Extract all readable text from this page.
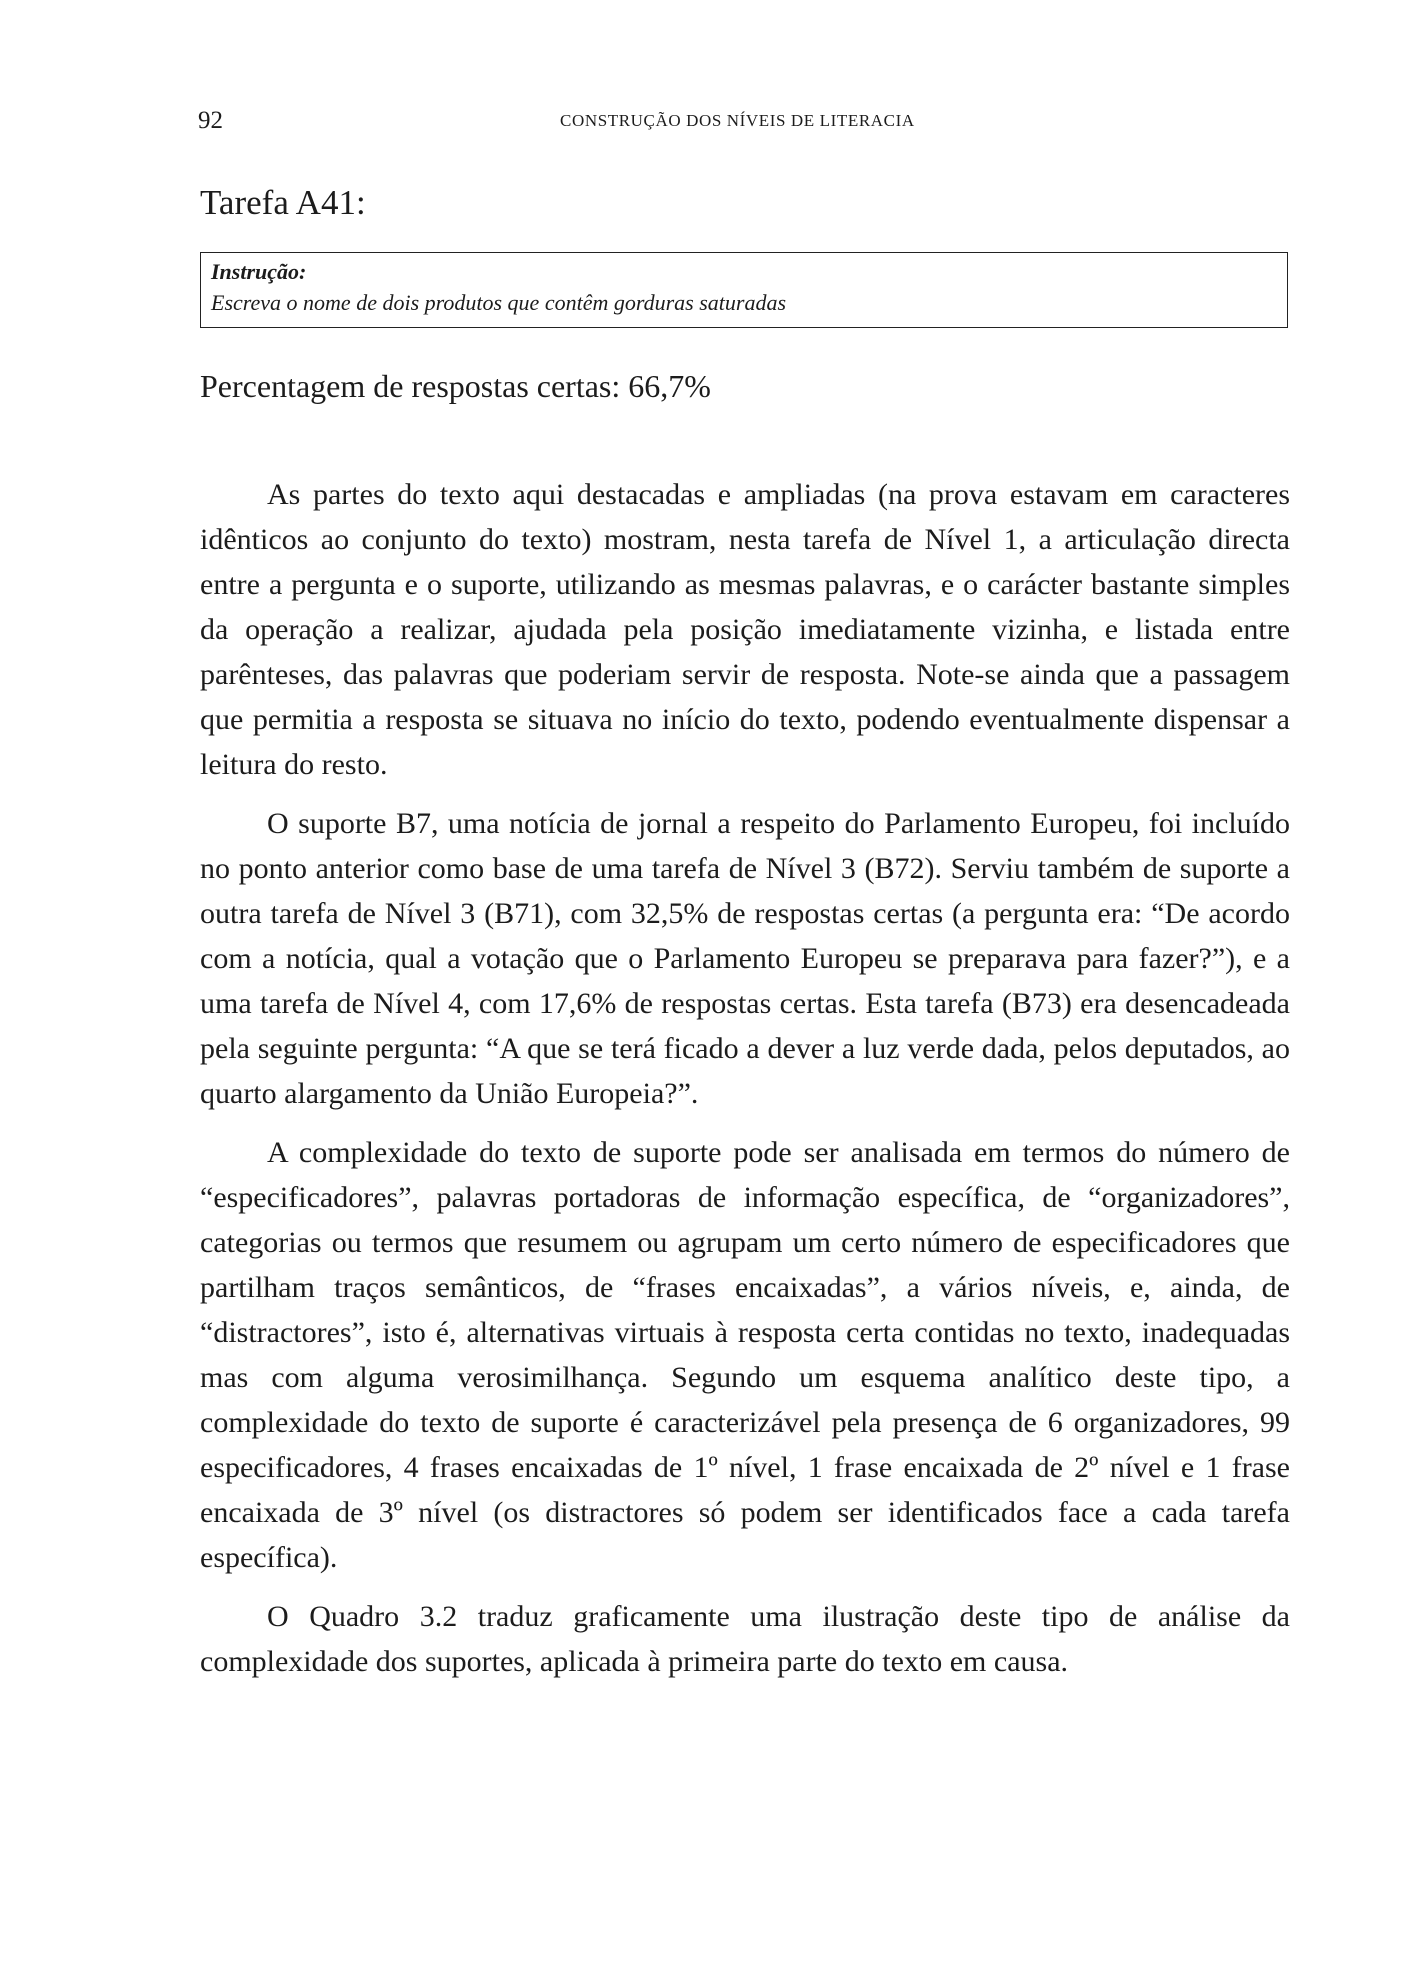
92	CONSTRUÇÃO DOS NÍVEIS DE LITERACIA
Tarefa A41:
Instrução:
Escreva o nome de dois produtos que contêm gorduras saturadas
Percentagem de respostas certas: 66,7%

As partes do texto aqui destacadas e ampliadas (na prova estavam em caracteres idênticos ao conjunto do texto) mostram, nesta tarefa de Nível 1, a articulação directa entre a pergunta e o suporte, utilizando as mesmas palavras, e o carácter bastante simples da operação a realizar, ajudada pela posição imediatamente vizinha, e listada entre parênteses, das palavras que poderiam servir de resposta. Note-se ainda que a passagem que permitia a resposta se situava no início do texto, podendo eventualmente dispensar a leitura do resto.

O suporte B7, uma notícia de jornal a respeito do Parlamento Europeu, foi incluído no ponto anterior como base de uma tarefa de Nível 3 (B72). Serviu também de suporte a outra tarefa de Nível 3 (B71), com 32,5% de respostas certas (a pergunta era: “De acordo com a notícia, qual a votação que o Parlamento Europeu se preparava para fazer?”), e a uma tarefa de Nível 4, com 17,6% de respostas certas. Esta tarefa (B73) era desencadeada pela seguinte pergunta: “A que se terá ficado a dever a luz verde dada, pelos deputados, ao quarto alargamento da União Europeia?”.

A complexidade do texto de suporte pode ser analisada em termos do número de “especificadores”, palavras portadoras de informação específica, de “organizadores”, categorias ou termos que resumem ou agrupam um certo número de especificadores que partilham traços semânticos, de “frases encaixadas”, a vários níveis, e, ainda, de “distractores”, isto é, alternativas virtuais à resposta certa contidas no texto, inadequadas mas com alguma verosimilhança. Segundo um esquema analítico deste tipo, a complexidade do texto de suporte é caracterizável pela presença de 6 organizadores, 99 especificadores, 4 frases encaixadas de 1º nível, 1 frase encaixada de 2º nível e 1 frase encaixada de 3º nível (os distractores só podem ser identificados face a cada tarefa específica).

O Quadro 3.2 traduz graficamente uma ilustração deste tipo de análise da complexidade dos suportes, aplicada à primeira parte do texto em causa.
